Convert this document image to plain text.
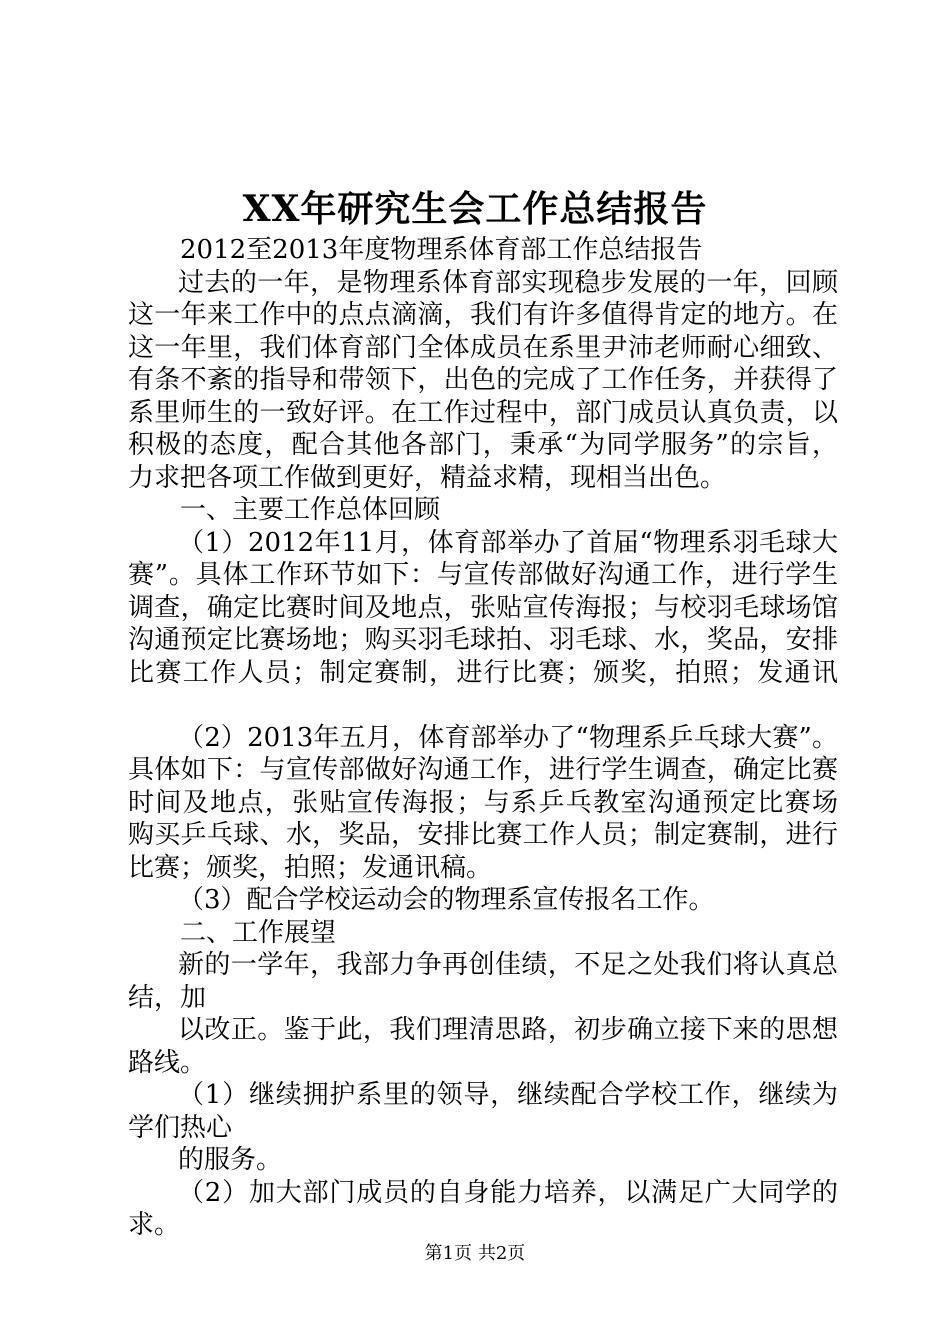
XX年研究生会工作总结报告
2012至2013年度物理系体育部工作总结报告
过去的一年，是物理系体育部实现稳步发展的一年，回顾
这一年来工作中的点点滴滴，我们有许多值得肯定的地方。在
这一年里，我们体育部门全体成员在系里尹沛老师耐心细致、
有条不紊的指导和带领下，出色的完成了工作任务，并获得了
系里师生的一致好评。在工作过程中，部门成员认真负责，以
积极的态度，配合其他各部门，秉承“为同学服务”的宗旨，
力求把各项工作做到更好，精益求精，现相当出色。
一、主要工作总体回顾
（1）2012年11月，体育部举办了首届“物理系羽毛球大
赛”。具体工作环节如下：与宣传部做好沟通工作，进行学生
调查，确定比赛时间及地点，张贴宣传海报；与校羽毛球场馆
沟通预定比赛场地；购买羽毛球拍、羽毛球、水，奖品，安排
比赛工作人员；制定赛制，进行比赛；颁奖，拍照；发通讯
（2）2013年五月，体育部举办了“物理系乒乓球大赛”。
具体如下：与宣传部做好沟通工作，进行学生调查，确定比赛
时间及地点，张贴宣传海报；与系乒乓教室沟通预定比赛场
购买乒乓球、水，奖品，安排比赛工作人员；制定赛制，进行
比赛；颁奖，拍照；发通讯稿。
（3）配合学校运动会的物理系宣传报名工作。
二、工作展望
新的一学年，我部力争再创佳绩，不足之处我们将认真总
结，加
以改正。鉴于此，我们理清思路，初步确立接下来的思想
路线。
（1）继续拥护系里的领导，继续配合学校工作，继续为
学们热心
的服务。
（2）加大部门成员的自身能力培养，以满足广大同学的
求。
第1页 共2页
